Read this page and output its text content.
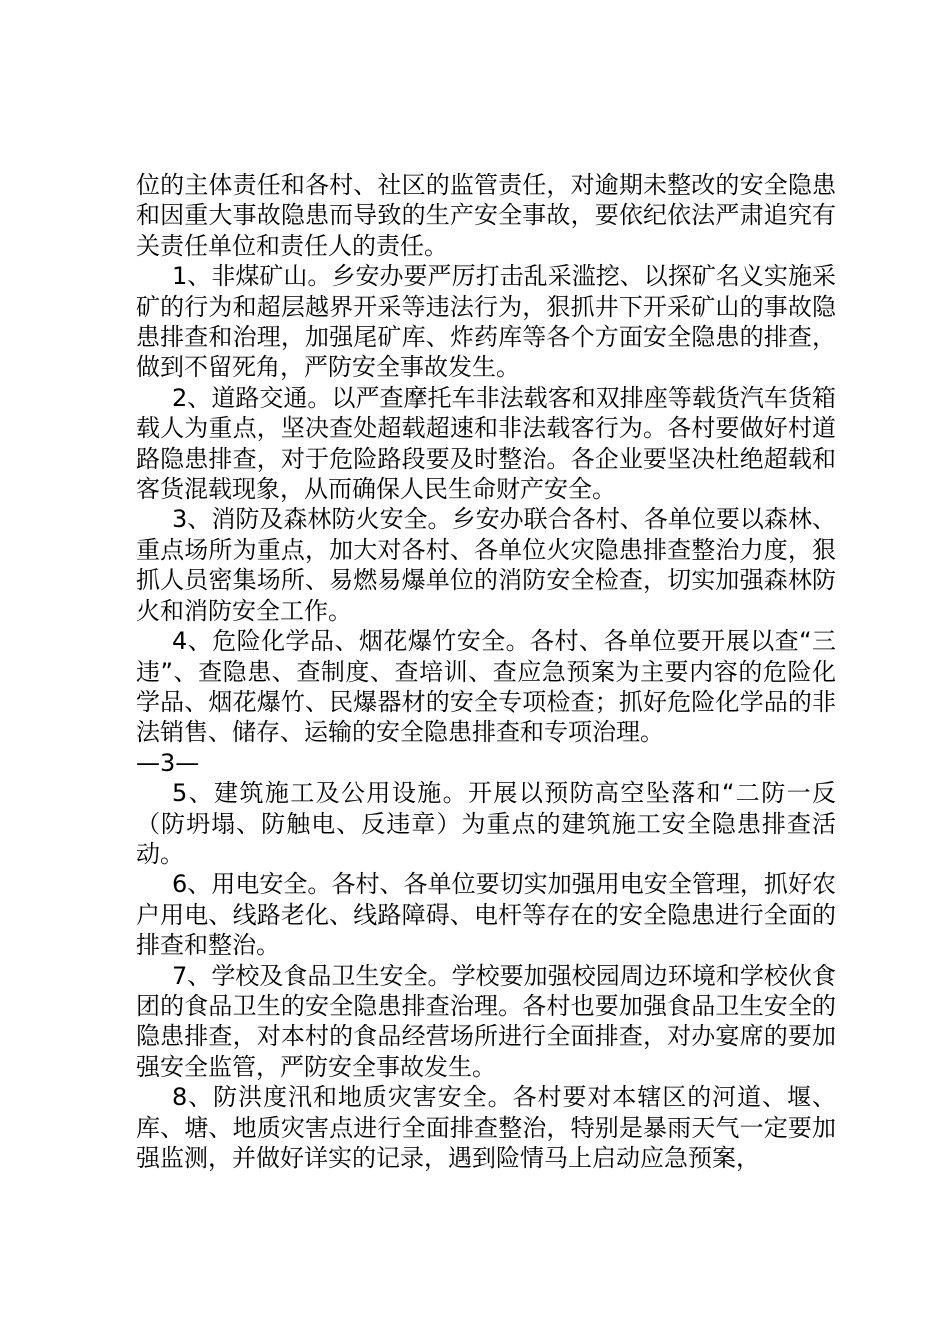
位的主体责任和各村、社区的监管责任，对逾期未整改的安全隐患和因重大事故隐患而导致的生产安全事故，要依纪依法严肃追究有关责任单位和责任人的责任。

1、非煤矿山。乡安办要严厉打击乱采滥挖、以探矿名义实施采矿的行为和超层越界开采等违法行为，狠抓井下开采矿山的事故隐患排查和治理，加强尾矿库、炸药库等各个方面安全隐患的排查，做到不留死角，严防安全事故发生。

2、道路交通。以严查摩托车非法载客和双排座等载货汽车货箱载人为重点，坚决查处超载超速和非法载客行为。各村要做好村道路隐患排查，对于危险路段要及时整治。各企业要坚决杜绝超载和客货混载现象，从而确保人民生命财产安全。

3、消防及森林防火安全。乡安办联合各村、各单位要以森林、重点场所为重点，加大对各村、各单位火灾隐患排查整治力度，狠抓人员密集场所、易燃易爆单位的消防安全检查，切实加强森林防火和消防安全工作。

4、危险化学品、烟花爆竹安全。各村、各单位要开展以查“三违”、查隐患、查制度、查培训、查应急预案为主要内容的危险化学品、烟花爆竹、民爆器材的安全专项检查；抓好危险化学品的非法销售、储存、运输的安全隐患排查和专项治理。

—3—

5、建筑施工及公用设施。开展以预防高空坠落和“二防一反（防坍塌、防触电、反违章）为重点的建筑施工安全隐患排查活动。

6、用电安全。各村、各单位要切实加强用电安全管理，抓好农户用电、线路老化、线路障碍、电杆等存在的安全隐患进行全面的排查和整治。

7、学校及食品卫生安全。学校要加强校园周边环境和学校伙食团的食品卫生的安全隐患排查治理。各村也要加强食品卫生安全的隐患排查，对本村的食品经营场所进行全面排查，对办宴席的要加强安全监管，严防安全事故发生。

8、防洪度汛和地质灾害安全。各村要对本辖区的河道、堰、库、塘、地质灾害点进行全面排查整治，特别是暴雨天气一定要加强监测，并做好详实的记录，遇到险情马上启动应急预案，
